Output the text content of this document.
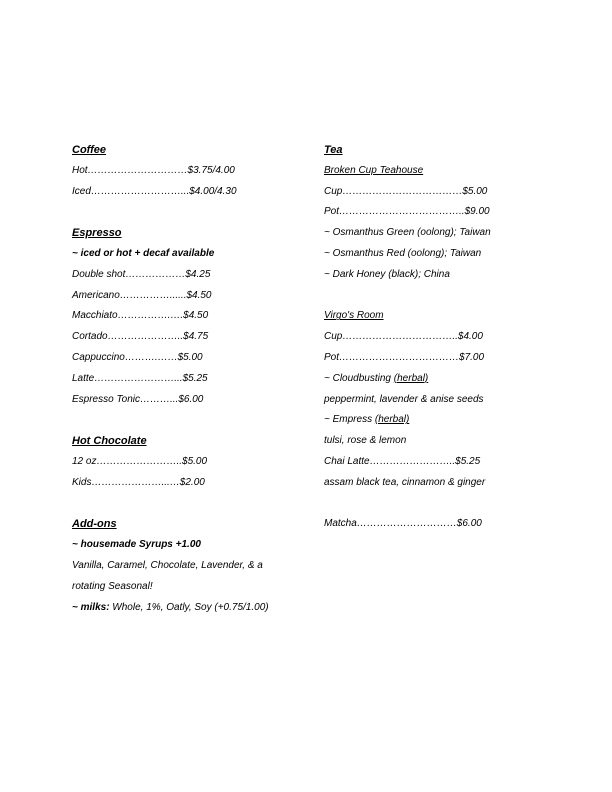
Coffee
Hot…………………………$3.75/4.00
Iced………………………...$4.00/4.30
Espresso
~ iced or hot + decaf available
Double shot………………$4.25
Americano……………......$4.50
Macchiato…………….….$4.50
Cortado…………………..$4.75
Cappuccino……….……$5.00
Latte……………………...$5.25
Espresso Tonic………...$6.00
Hot Chocolate
12 oz……………………..$5.00
Kids…………………...…$2.00
Add-ons
~ housemade Syrups +1.00
Vanilla, Caramel, Chocolate, Lavender, & a
rotating Seasonal!
~ milks: Whole, 1%, Oatly, Soy (+0.75/1.00)
Tea
Broken Cup Teahouse
Cup………………………………$5.00
Pot………………………………..$9.00
~ Osmanthus Green (oolong); Taiwan
~ Osmanthus Red (oolong); Taiwan
~ Dark Honey (black); China
Virgo's Room
Cup……………………………..$4.00
Pot………………………………$7.00
~ Cloudbusting (herbal)
peppermint, lavender & anise seeds
~ Empress (herbal)
tulsi, rose & lemon
Chai Latte……………………..$5.25
assam black tea, cinnamon & ginger
Matcha…………………………$6.00
